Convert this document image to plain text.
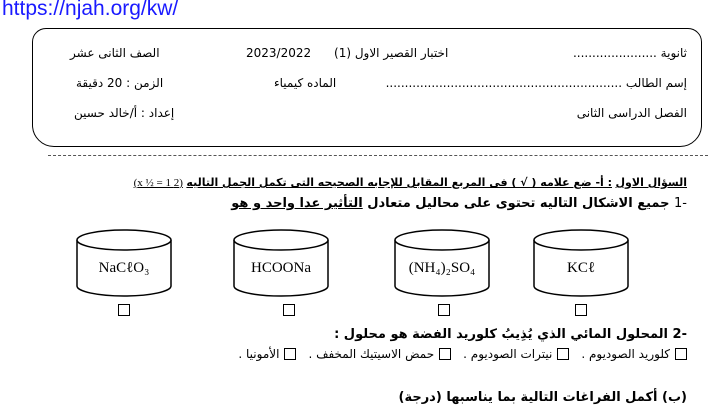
https://njah.org/kw/
الصف الثانى عشر	2023/2022 اختبار القصير الاول (1)	ثانوية ......................
الزمن : 20 دقيقة	الماده كيمياء	إسم الطالب ..............................................................
إعداد : أ/خالد حسين	الفصل الدراسى الثانى
السؤال الاول : أ- ضع علامه ( √ ) فى المربع المقابل للإجابه الصحيحه التى تكمل الجمل التاليه (2 x ½ = 1)
-1 جميع الاشكال التاليه تحتوى على محاليل متعادل التأثير عدا واحد و هو
NaCℓO₃	HCOONa	(NH₄)₂SO₄	KCℓ
-2 المحلول المائي الذي يُذِيبُ كلوريد الفضة هو محلول :
كلوريد الصوديوم .
نيترات الصوديوم .
حمض الاسيتيك المخفف .
الأمونيا .
(ب) أكمل الفراغات التالية بما يناسبها (درجة)
